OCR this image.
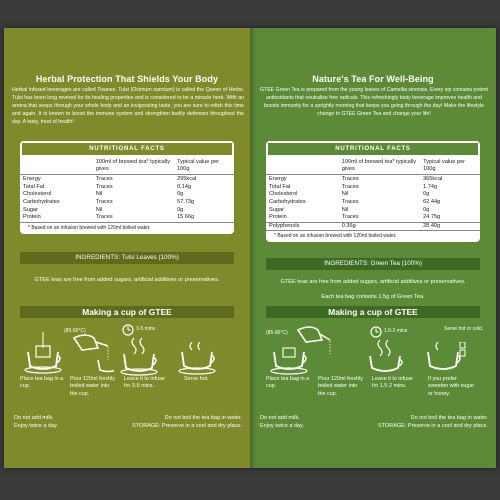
Herbal Protection That Shields Your Body
Herbal infused beverages are called Tisanes. Tulsi (Ocimum sanctum) is called the Queen of Herbs. Tulsi has been long revered for its healing properties and is considered to be a miracle herb. With an aroma that seeps through your whole body and an invigorating taste, you are sure to relish this time and again. It is known to boost the immune system and strengthen bodily defenses throughout the day. A tasty, treat of health!
NUTRITIONAL FACTS
	100ml of brewed tea* typically gives	Typical value per 100g
Energy	Traces	295kcal
Total Fat	Traces	0.14g
Cholesterol	Nil	0g
Carbohydrates	Traces	57.73g
Sugar	Nil	0g
Protein	Traces	15.66g
* Based on an infusion brewed with 120ml boiled water.
INGREDIENTS: Tulsi Leaves (100%)
GTEE teas are free from added sugars, artificial additives or preservatives.
Making a cup of GTEE
(85-90°C)	3-5 mins
Place tea bag in a cup.
Pour 120ml freshly boiled water into the cup.
Leave it to infuse for 3-5 mins.
Serve hot.
Do not add milk.	Do not boil the tea bag in water.
Enjoy twice a day.	STORAGE: Preserve in a cool and dry place.
Nature's Tea For Well-Being
GTEE Green Tea is prepared from the young leaves of Camellia sinensis. Every sip contains potent antioxidants that neutralise free radicals. This refreshingly tasty beverage improves health and boosts immunity for a sprightly morning that keeps you going through the day! Make the lifestyle change to GTEE Green Tea and change your life!
NUTRITIONAL FACTS
	100ml of brewed tea* typically gives	Typical value per 100g
Energy	Traces	365kcal
Total Fat	Traces	1.74g
Cholesterol	Nil	0g
Carbohydrates	Traces	62.44g
Sugar	Nil	0g
Protein	Traces	24.75g
Polyphenols	0.36g	28.40g
* Based on an infusion brewed with 120ml boiled water.
INGREDIENTS: Green Tea (100%)
GTEE teas are free from added sugars, artificial additives or preservatives.
Each tea bag contains 1.5g of Green Tea.
Making a cup of GTEE
(85-90°C)	1.5-2 mins	Serve hot or cold.
Place tea bag in a cup.
Pour 120ml freshly boiled water into the cup.
Leave it to infuse for 1.5-2 mins.
If you prefer sweeten with sugar or honey.
Do not add milk.	Do not boil the tea bag in water.
Enjoy twice a day.	STORAGE: Preserve in a cool and dry place.
